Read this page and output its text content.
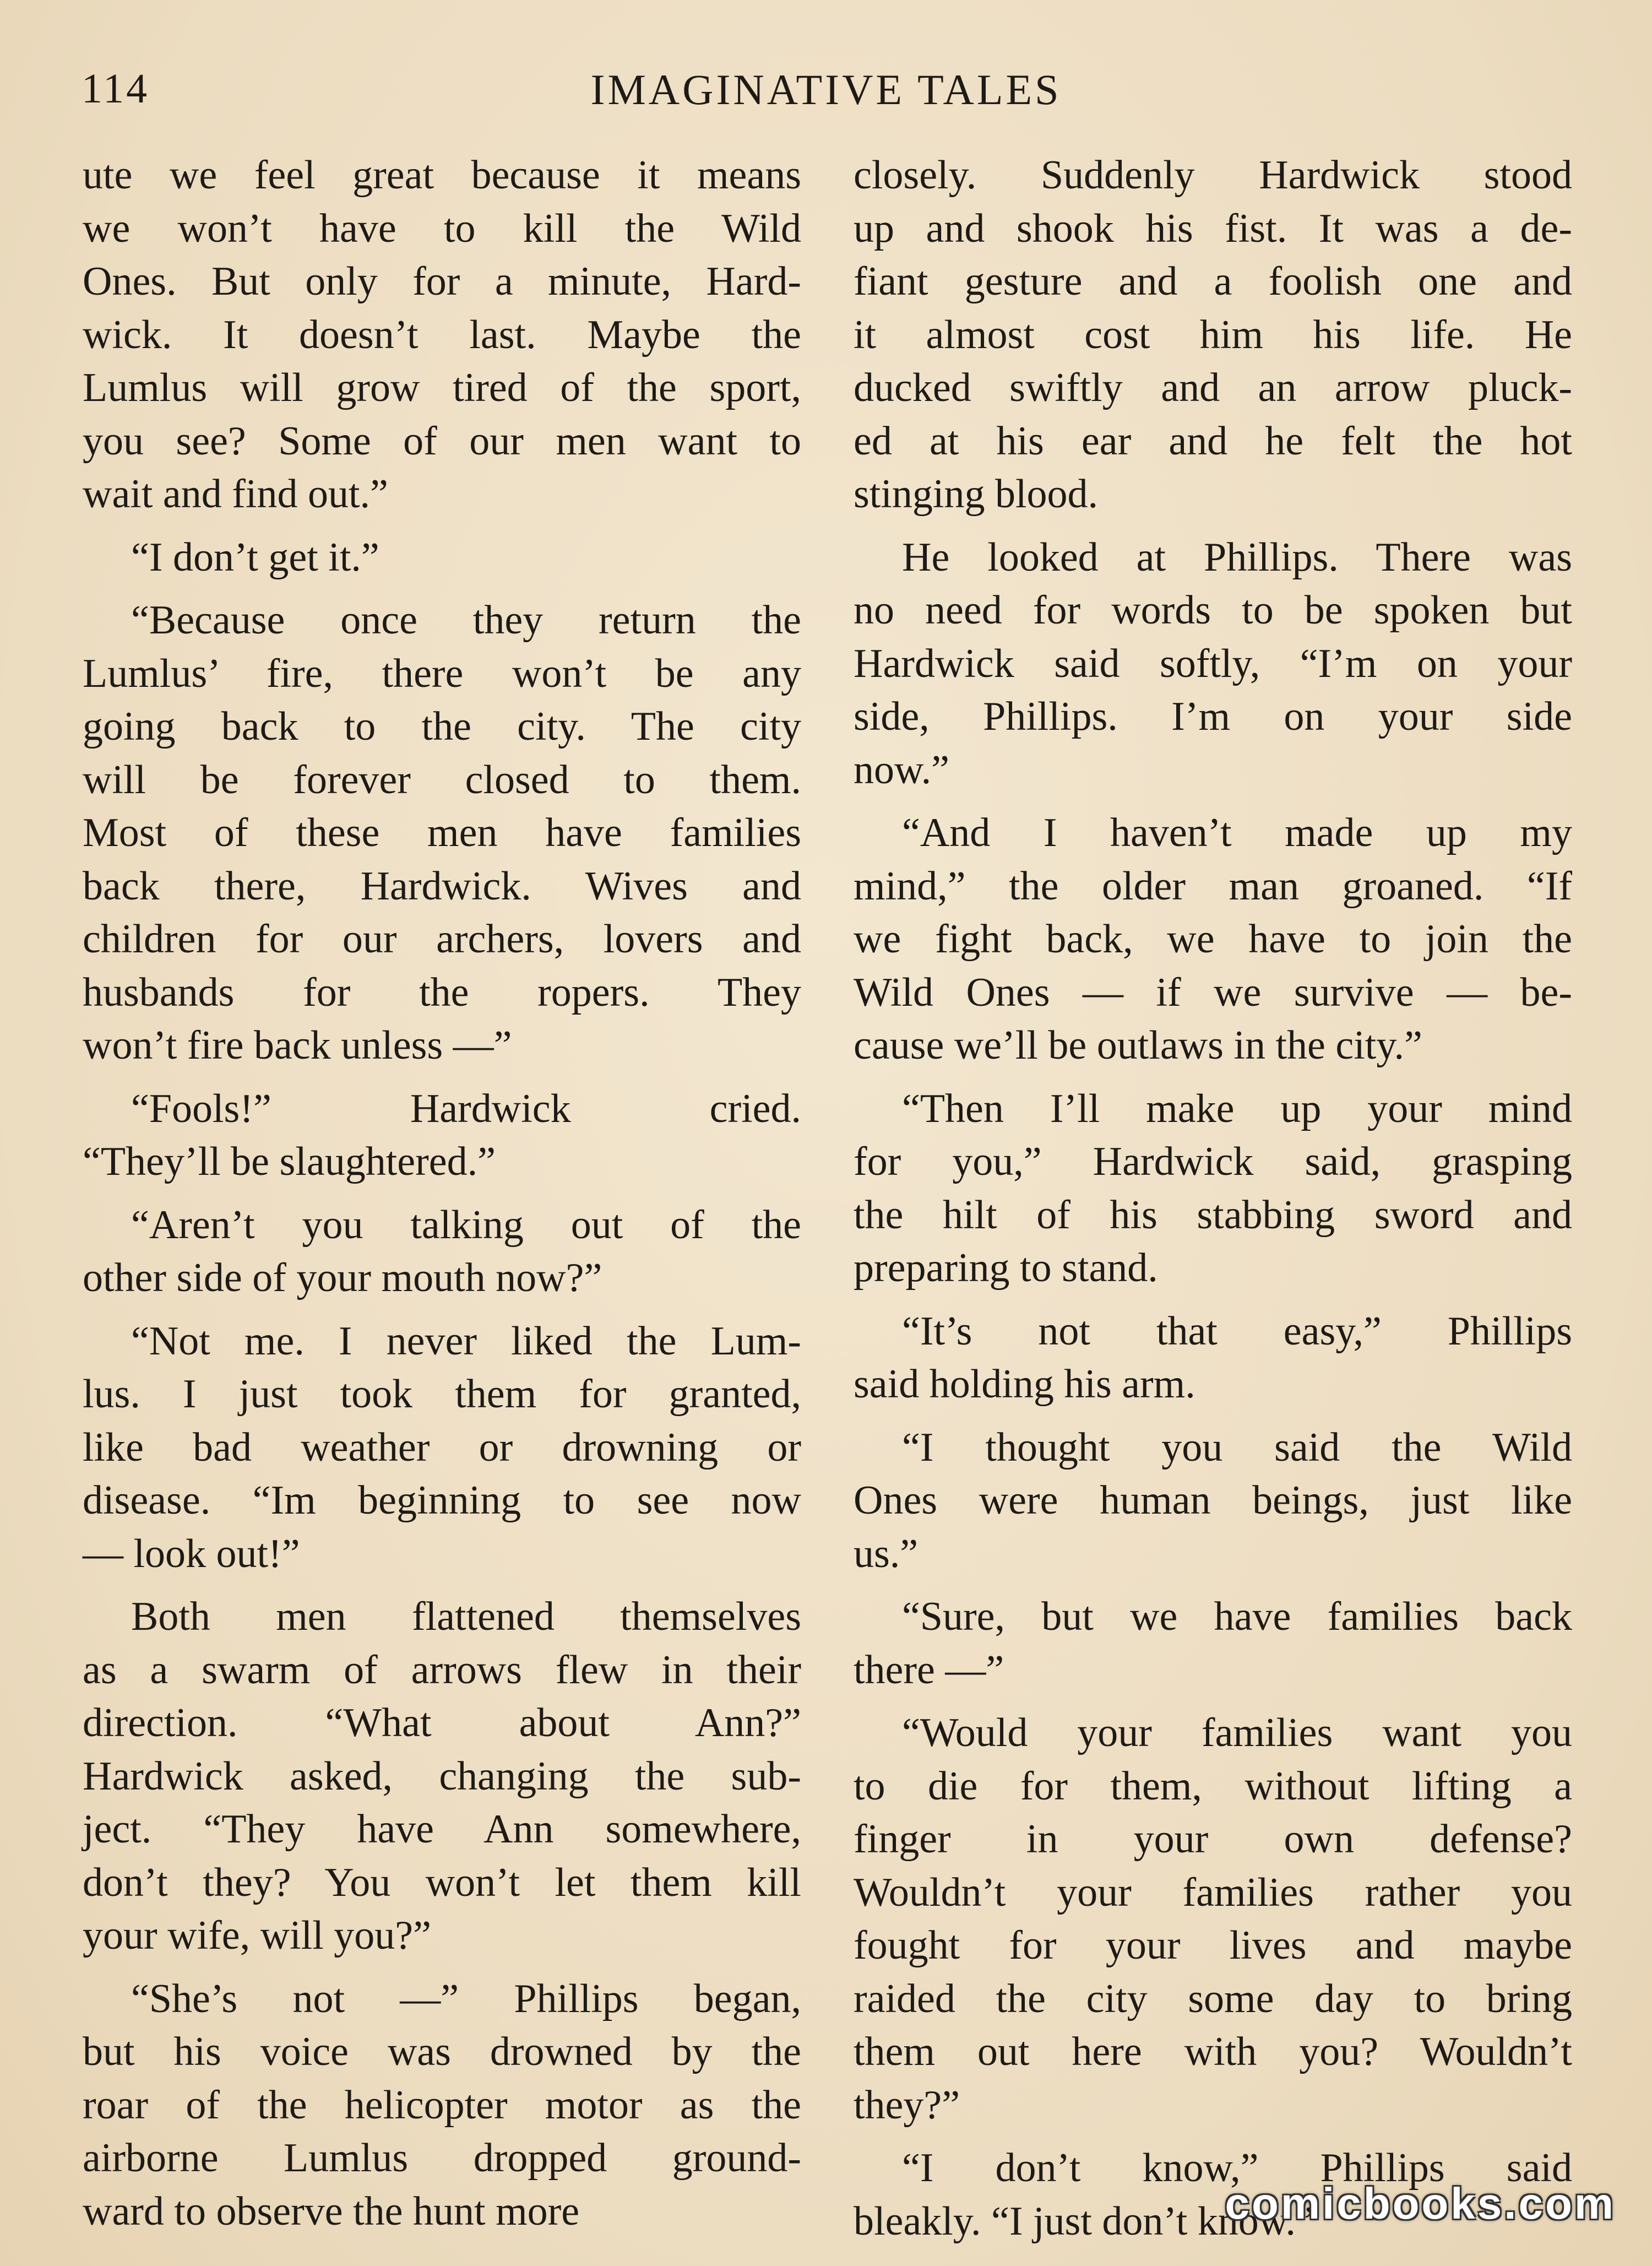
114	IMAGINATIVE TALES
ute we feel great because it means
we won’t have to kill the Wild
Ones. But only for a minute, Hard-
wick. It doesn’t last. Maybe the
Lumlus will grow tired of the sport,
you see? Some of our men want to
wait and find out.”
“I don’t get it.”
“Because once they return the
Lumlus’ fire, there won’t be any
going back to the city. The city
will be forever closed to them.
Most of these men have families
back there, Hardwick. Wives and
children for our archers, lovers and
husbands for the ropers. They
won’t fire back unless —”
“Fools!” Hardwick cried.
“They’ll be slaughtered.”
“Aren’t you talking out of the
other side of your mouth now?”
“Not me. I never liked the Lum-
lus. I just took them for granted,
like bad weather or drowning or
disease. “Im beginning to see now
— look out!”
Both men flattened themselves
as a swarm of arrows flew in their
direction. “What about Ann?”
Hardwick asked, changing the sub-
ject. “They have Ann somewhere,
don’t they? You won’t let them kill
your wife, will you?”
“She’s not —” Phillips began,
but his voice was drowned by the
roar of the helicopter motor as the
airborne Lumlus dropped ground-
ward to observe the hunt more
closely. Suddenly Hardwick stood
up and shook his fist. It was a de-
fiant gesture and a foolish one and
it almost cost him his life. He
ducked swiftly and an arrow pluck-
ed at his ear and he felt the hot
stinging blood.
He looked at Phillips. There was
no need for words to be spoken but
Hardwick said softly, “I’m on your
side, Phillips. I’m on your side
now.”
“And I haven’t made up my
mind,” the older man groaned. “If
we fight back, we have to join the
Wild Ones — if we survive — be-
cause we’ll be outlaws in the city.”
“Then I’ll make up your mind
for you,” Hardwick said, grasping
the hilt of his stabbing sword and
preparing to stand.
“It’s not that easy,” Phillips
said holding his arm.
“I thought you said the Wild
Ones were human beings, just like
us.”
“Sure, but we have families back
there —”
“Would your families want you
to die for them, without lifting a
finger in your own defense?
Wouldn’t your families rather you
fought for your lives and maybe
raided the city some day to bring
them out here with you? Wouldn’t
they?”
“I don’t know,” Phillips said
bleakly. “I just don’t know.”
comicbooks.com
